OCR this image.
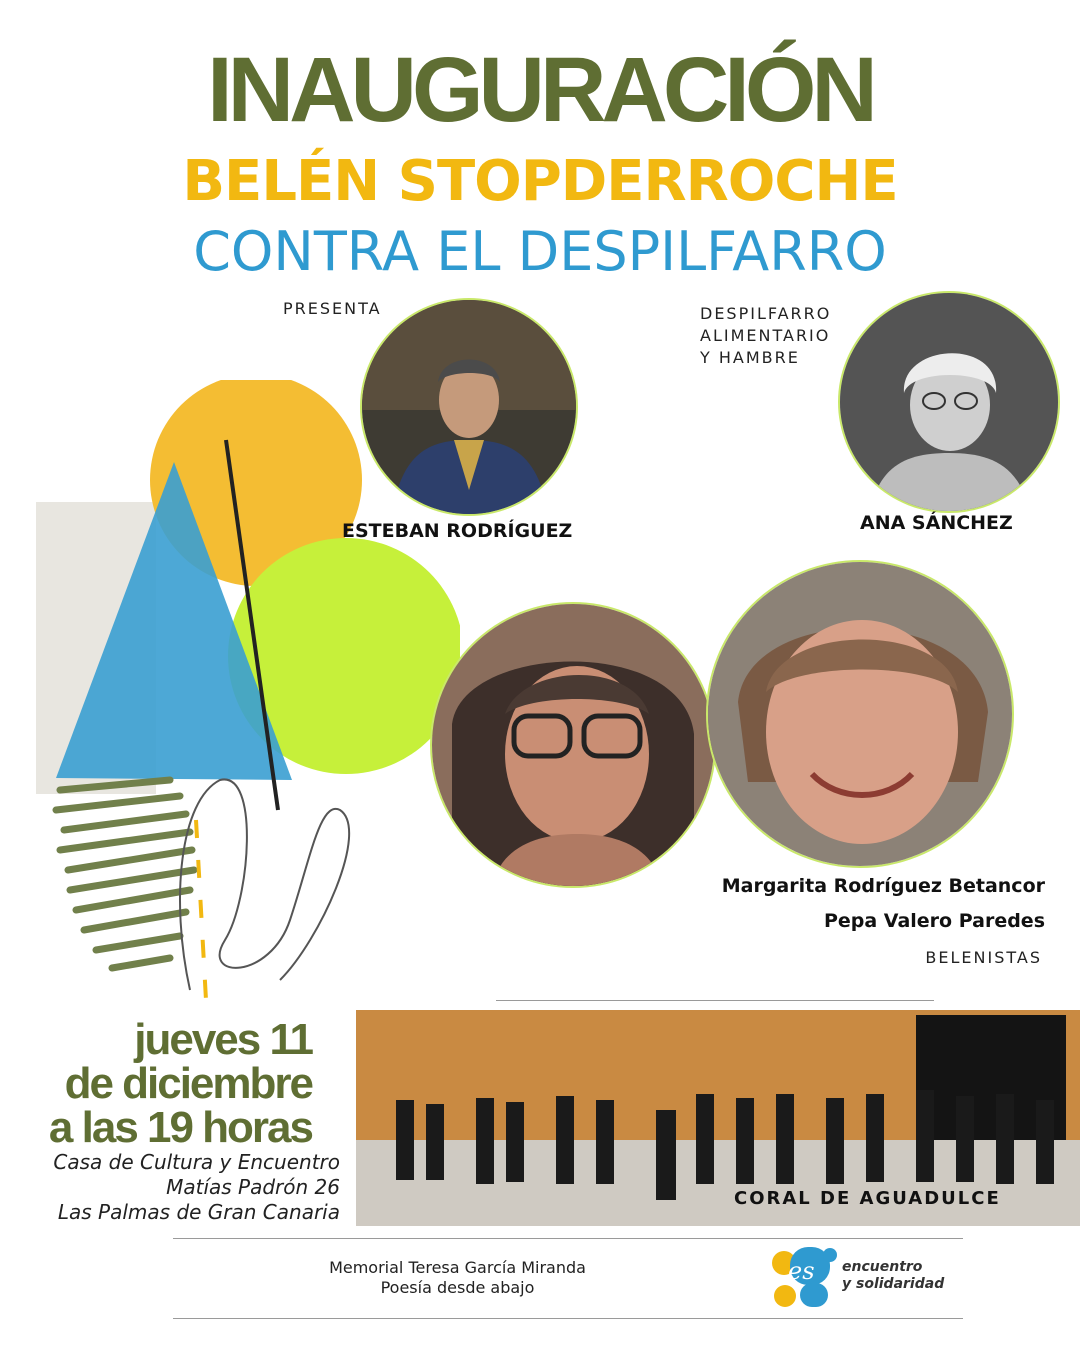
INAUGURACIÓN
BELÉN STOPDERROCHE
CONTRA EL DESPILFARRO
PRESENTA
ESTEBAN RODRÍGUEZ
DESPILFARRO
ALIMENTARIO
Y HAMBRE
ANA SÁNCHEZ
Margarita Rodríguez Betancor
Pepa Valero Paredes
BELENISTAS
jueves 11
de diciembre
a las 19 horas
Casa de Cultura y Encuentro
Matías Padrón 26
Las Palmas de Gran Canaria
CORAL DE AGUADULCE
Memorial Teresa García Miranda
Poesía desde abajo
es encuentro
y solidaridad
